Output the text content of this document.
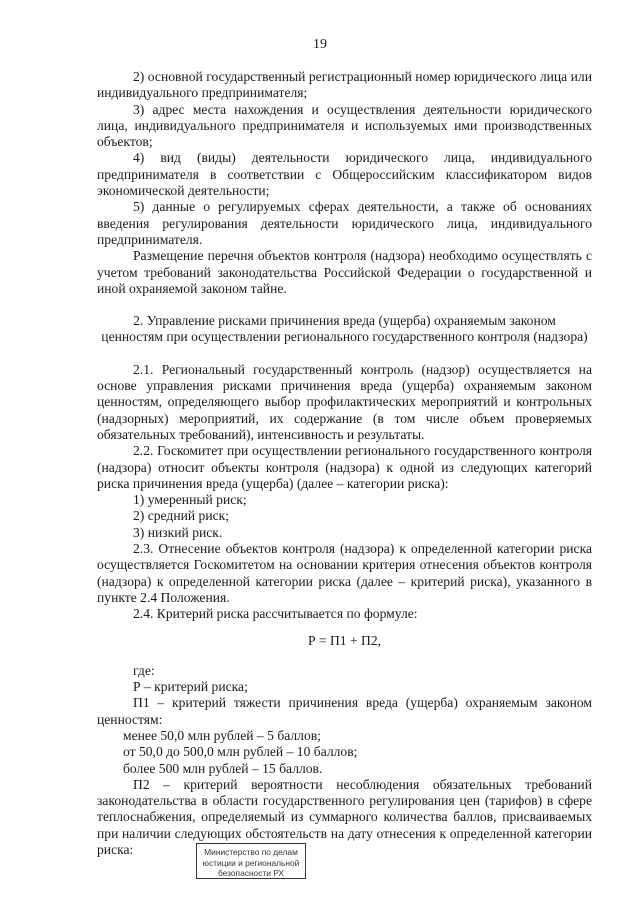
19

2) основной государственный регистрационный номер юридического лица или индивидуального предпринимателя;

3) адрес места нахождения и осуществления деятельности юридического лица, индивидуального предпринимателя и используемых ими производственных объектов;

4) вид (виды) деятельности юридического лица, индивидуального предпринимателя в соответствии с Общероссийским классификатором видов экономической деятельности;

5) данные о регулируемых сферах деятельности, а также об основаниях введения регулирования деятельности юридического лица, индивидуального предпринимателя.

Размещение перечня объектов контроля (надзора) необходимо осуществлять с учетом требований законодательства Российской Федерации о государственной и иной охраняемой законом тайне.

2. Управление рисками причинения вреда (ущерба) охраняемым законом ценностям при осуществлении регионального государственного контроля (надзора)

2.1. Региональный государственный контроль (надзор) осуществляется на основе управления рисками причинения вреда (ущерба) охраняемым законом ценностям, определяющего выбор профилактических мероприятий и контрольных (надзорных) мероприятий, их содержание (в том числе объем проверяемых обязательных требований), интенсивность и результаты.

2.2. Госкомитет при осуществлении регионального государственного контроля (надзора) относит объекты контроля (надзора) к одной из следующих категорий риска причинения вреда (ущерба) (далее – категории риска):

1) умеренный риск;

2) средний риск;

3) низкий риск.

2.3. Отнесение объектов контроля (надзора) к определенной категории риска осуществляется Госкомитетом на основании критерия отнесения объектов контроля (надзора) к определенной категории риска (далее – критерий риска), указанного в пункте 2.4 Положения.

2.4. Критерий риска рассчитывается по формуле:

Р = П1 + П2,

где:

Р – критерий риска;

П1 – критерий тяжести причинения вреда (ущерба) охраняемым законом ценностям:

менее 50,0 млн рублей – 5 баллов;

от 50,0 до 500,0 млн рублей – 10 баллов;

более 500 млн рублей – 15 баллов.

П2 – критерий вероятности несоблюдения обязательных требований законодательства в области государственного регулирования цен (тарифов) в сфере теплоснабжения, определяемый из суммарного количества баллов, присваиваемых при наличии следующих обстоятельств на дату отнесения к определенной категории риска:	Министерство по делам
юстиции и региональной
безопасности РХ
